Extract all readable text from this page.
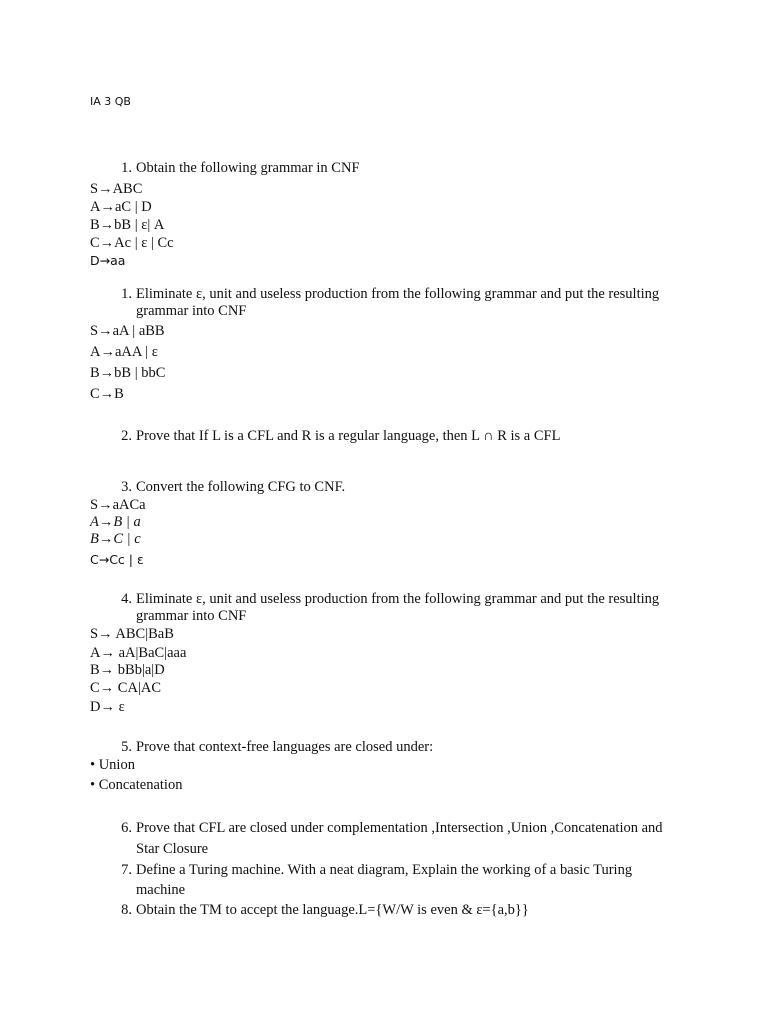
IA 3 QB
1. Obtain the following grammar in CNF
S→ABC
A→aC | D
B→bB | ε| A
C→Ac | ε | Cc
D→aa
1. Eliminate ε, unit and useless production from the following grammar and put the resulting grammar into CNF
S→aA | aBB
A→aAA | ε
B→bB | bbC
C→B
2. Prove that If L is a CFL and R is a regular language, then L ∩ R is a CFL
3. Convert the following CFG to CNF.
S→aACa
A→B | a
B→C | c
C→Cc | ε
4. Eliminate ε, unit and useless production from the following grammar and put the resulting grammar into CNF
S→ ABC|BaB
A→ aA|BaC|aaa
B→ bBb|a|D
C→ CA|AC
D→ ε
5. Prove that context-free languages are closed under:
• Union
• Concatenation
6. Prove that CFL are closed under complementation ,Intersection ,Union ,Concatenation and Star Closure
7. Define a Turing machine. With a neat diagram, Explain the working of a basic Turing machine
8. Obtain the TM to accept the language.L={W/W is even & ε={a,b}}
